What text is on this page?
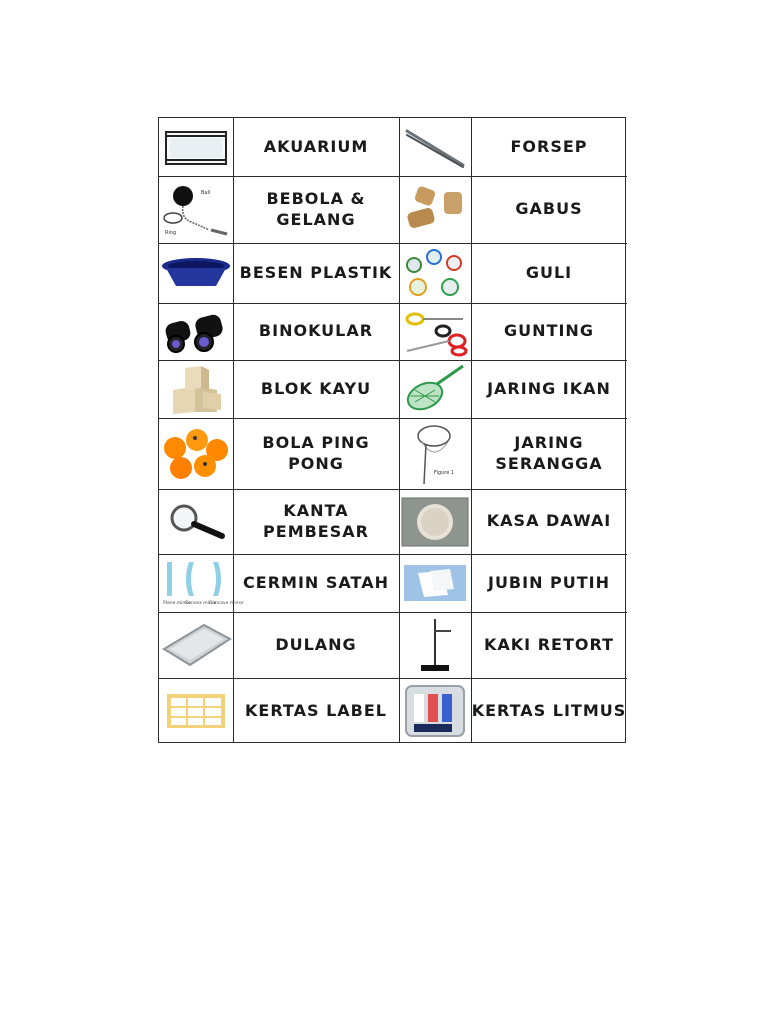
AKUARIUM
Ball
Ring
BEBOLA &
GELANG
BESEN PLASTIK
BINOKULAR
BLOK KAYU
BOLA PING
PONG
KANTA
PEMBESAR
Plane mirror
Convex mirror
Concave mirror
CERMIN SATAH
DULANG
KERTAS LABEL
FORSEP
GABUS
GULI
GUNTING
JARING IKAN
Figure 1
JARING
SERANGGA
KASA DAWAI
JUBIN PUTIH
KAKI RETORT
KERTAS LITMUS
